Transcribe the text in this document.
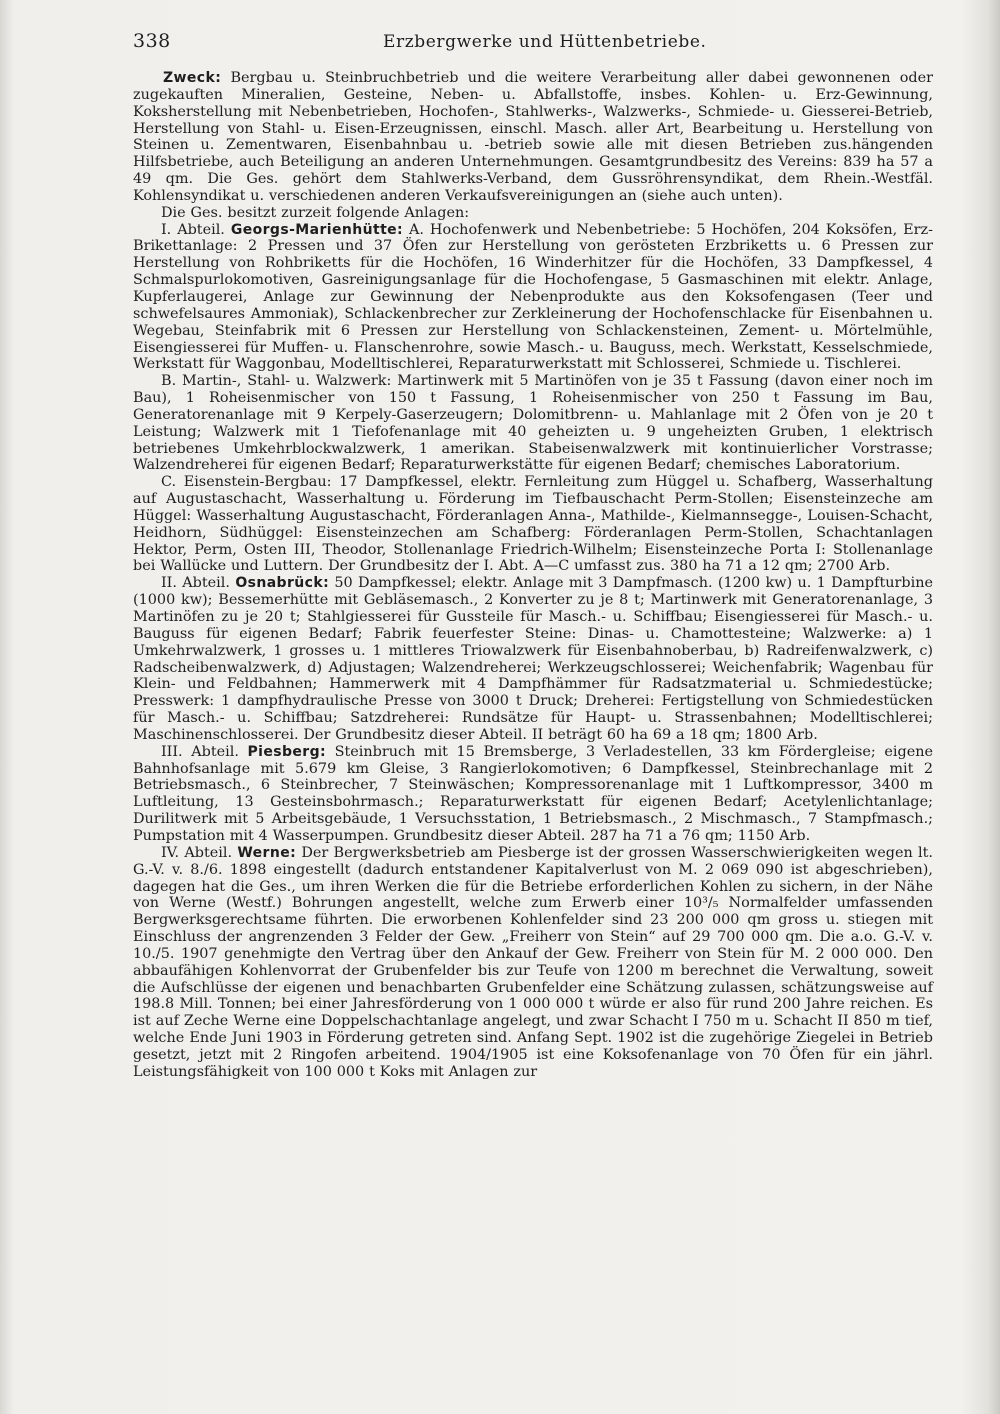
338	Erzbergwerke und Hüttenbetriebe.

Zweck: Bergbau u. Steinbruchbetrieb und die weitere Verarbeitung aller dabei gewonnenen oder zugekauften Mineralien, Gesteine, Neben- u. Abfallstoffe, insbes. Kohlen- u. Erz-Gewinnung, Koksherstellung mit Nebenbetrieben, Hochofen-, Stahlwerks-, Walzwerks-, Schmiede- u. Giesserei-Betrieb, Herstellung von Stahl- u. Eisen-Erzeugnissen, einschl. Masch. aller Art, Bearbeitung u. Herstellung von Steinen u. Zementwaren, Eisenbahnbau u. -betrieb sowie alle mit diesen Betrieben zus.hängenden Hilfsbetriebe, auch Beteiligung an anderen Unternehmungen. Gesamtgrundbesitz des Vereins: 839 ha 57 a 49 qm. Die Ges. gehört dem Stahlwerks-Verband, dem Gussröhrensyndikat, dem Rhein.-Westfäl. Kohlensyndikat u. verschiedenen anderen Verkaufsvereinigungen an (siehe auch unten).

Die Ges. besitzt zurzeit folgende Anlagen:

I. Abteil. Georgs-Marienhütte: A. Hochofenwerk und Nebenbetriebe: 5 Hochöfen, 204 Koksöfen, Erz-Brikettanlage: 2 Pressen und 37 Öfen zur Herstellung von gerösteten Erzbriketts u. 6 Pressen zur Herstellung von Rohbriketts für die Hochöfen, 16 Winderhitzer für die Hochöfen, 33 Dampfkessel, 4 Schmalspurlokomotiven, Gasreinigungsanlage für die Hochofengase, 5 Gasmaschinen mit elektr. Anlage, Kupferlaugerei, Anlage zur Gewinnung der Nebenprodukte aus den Koksofengasen (Teer und schwefelsaures Ammoniak), Schlackenbrecher zur Zerkleinerung der Hochofenschlacke für Eisenbahnen u. Wegebau, Steinfabrik mit 6 Pressen zur Herstellung von Schlackensteinen, Zement- u. Mörtelmühle, Eisengiesserei für Muffen- u. Flanschenrohre, sowie Masch.- u. Bauguss, mech. Werkstatt, Kesselschmiede, Werkstatt für Waggonbau, Modelltischlerei, Reparaturwerkstatt mit Schlosserei, Schmiede u. Tischlerei.

B. Martin-, Stahl- u. Walzwerk: Martinwerk mit 5 Martinöfen von je 35 t Fassung (davon einer noch im Bau), 1 Roheisenmischer von 150 t Fassung, 1 Roheisenmischer von 250 t Fassung im Bau, Generatorenanlage mit 9 Kerpely-Gaserzeugern; Dolomitbrenn- u. Mahlanlage mit 2 Öfen von je 20 t Leistung; Walzwerk mit 1 Tiefofenanlage mit 40 geheizten u. 9 ungeheizten Gruben, 1 elektrisch betriebenes Umkehrblockwalzwerk, 1 amerikan. Stabeisenwalzwerk mit kontinuierlicher Vorstrasse; Walzendreherei für eigenen Bedarf; Reparaturwerkstätte für eigenen Bedarf; chemisches Laboratorium.

C. Eisenstein-Bergbau: 17 Dampfkessel, elektr. Fernleitung zum Hüggel u. Schafberg, Wasserhaltung auf Augustaschacht, Wasserhaltung u. Förderung im Tiefbauschacht Perm-Stollen; Eisensteinzeche am Hüggel: Wasserhaltung Augustaschacht, Förderanlagen Anna-, Mathilde-, Kielmannsegge-, Louisen-Schacht, Heidhorn, Südhüggel: Eisensteinzechen am Schafberg: Förderanlagen Perm-Stollen, Schachtanlagen Hektor, Perm, Osten III, Theodor, Stollenanlage Friedrich-Wilhelm; Eisensteinzeche Porta I: Stollenanlage bei Wallücke und Luttern. Der Grundbesitz der I. Abt. A—C umfasst zus. 380 ha 71 a 12 qm; 2700 Arb.

II. Abteil. Osnabrück: 50 Dampfkessel; elektr. Anlage mit 3 Dampfmasch. (1200 kw) u. 1 Dampfturbine (1000 kw); Bessemerhütte mit Gebläsemasch., 2 Konverter zu je 8 t; Martinwerk mit Generatorenanlage, 3 Martinöfen zu je 20 t; Stahlgiesserei für Gussteile für Masch.- u. Schiffbau; Eisengiesserei für Masch.- u. Bauguss für eigenen Bedarf; Fabrik feuerfester Steine: Dinas- u. Chamottesteine; Walzwerke: a) 1 Umkehrwalzwerk, 1 grosses u. 1 mittleres Triowalzwerk für Eisenbahnoberbau, b) Radreifenwalzwerk, c) Radscheibenwalzwerk, d) Adjustagen; Walzendreherei; Werkzeugschlosserei; Weichenfabrik; Wagenbau für Klein- und Feldbahnen; Hammerwerk mit 4 Dampfhämmer für Radsatzmaterial u. Schmiedestücke; Presswerk: 1 dampfhydraulische Presse von 3000 t Druck; Dreherei: Fertigstellung von Schmiedestücken für Masch.- u. Schiffbau; Satzdreherei: Rundsätze für Haupt- u. Strassenbahnen; Modelltischlerei; Maschinenschlosserei. Der Grundbesitz dieser Abteil. II beträgt 60 ha 69 a 18 qm; 1800 Arb.

III. Abteil. Piesberg: Steinbruch mit 15 Bremsberge, 3 Verladestellen, 33 km Fördergleise; eigene Bahnhofsanlage mit 5.679 km Gleise, 3 Rangierlokomotiven; 6 Dampfkessel, Steinbrechanlage mit 2 Betriebsmasch., 6 Steinbrecher, 7 Steinwäschen; Kompressorenanlage mit 1 Luftkompressor, 3400 m Luftleitung, 13 Gesteinsbohrmasch.; Reparaturwerkstatt für eigenen Bedarf; Acetylenlichtanlage; Durilitwerk mit 5 Arbeitsgebäude, 1 Versuchsstation, 1 Betriebsmasch., 2 Mischmasch., 7 Stampfmasch.; Pumpstation mit 4 Wasserpumpen. Grundbesitz dieser Abteil. 287 ha 71 a 76 qm; 1150 Arb.

IV. Abteil. Werne: Der Bergwerksbetrieb am Piesberge ist der grossen Wasserschwierigkeiten wegen lt. G.-V. v. 8./6. 1898 eingestellt (dadurch entstandener Kapitalverlust von M. 2 069 090 ist abgeschrieben), dagegen hat die Ges., um ihren Werken die für die Betriebe erforderlichen Kohlen zu sichern, in der Nähe von Werne (Westf.) Bohrungen angestellt, welche zum Erwerb einer 10³/₅ Normalfelder umfassenden Bergwerksgerechtsame führten. Die erworbenen Kohlenfelder sind 23 200 000 qm gross u. stiegen mit Einschluss der angrenzenden 3 Felder der Gew. „Freiherr von Stein“ auf 29 700 000 qm. Die a.o. G.-V. v. 10./5. 1907 genehmigte den Vertrag über den Ankauf der Gew. Freiherr von Stein für M. 2 000 000. Den abbaufähigen Kohlenvorrat der Grubenfelder bis zur Teufe von 1200 m berechnet die Verwaltung, soweit die Aufschlüsse der eigenen und benachbarten Grubenfelder eine Schätzung zulassen, schätzungsweise auf 198.8 Mill. Tonnen; bei einer Jahresförderung von 1 000 000 t würde er also für rund 200 Jahre reichen. Es ist auf Zeche Werne eine Doppelschachtanlage angelegt, und zwar Schacht I 750 m u. Schacht II 850 m tief, welche Ende Juni 1903 in Förderung getreten sind. Anfang Sept. 1902 ist die zugehörige Ziegelei in Betrieb gesetzt, jetzt mit 2 Ringofen arbeitend. 1904/1905 ist eine Koksofenanlage von 70 Öfen für ein jährl. Leistungsfähigkeit von 100 000 t Koks mit Anlagen zur
